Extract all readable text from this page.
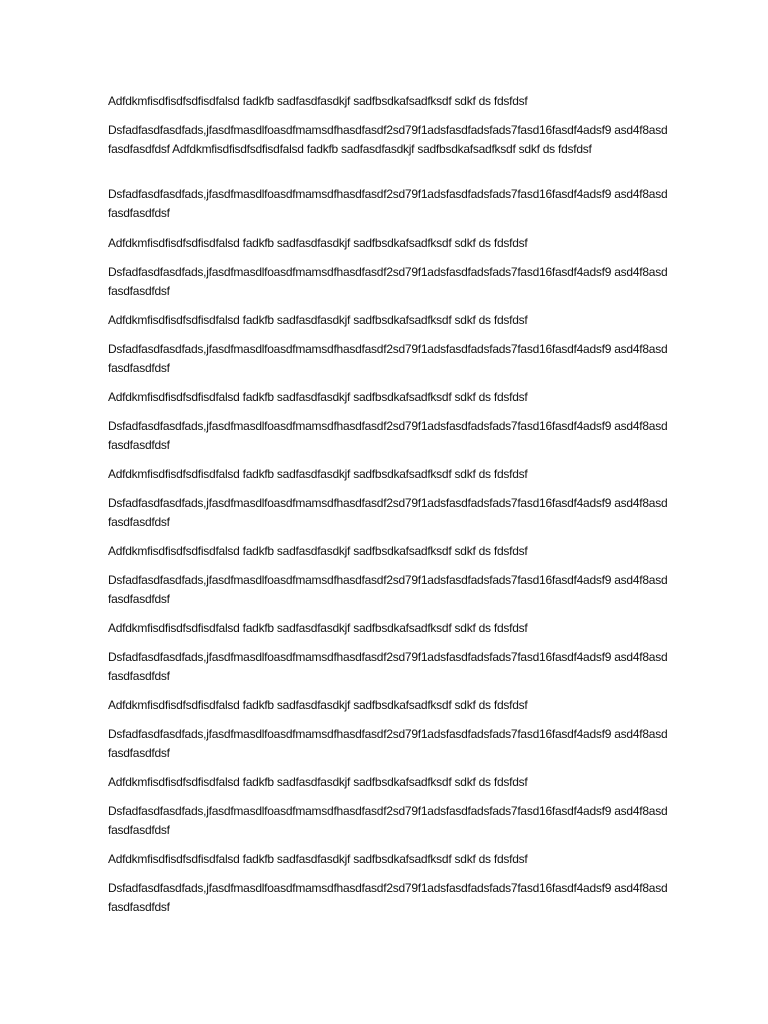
Adfdkmfisdfisdfsdfisdfalsd fadkfb sadfasdfasdkjf sadfbsdkafsadfksdf sdkf ds fdsfdsf

Dsfadfasdfasdfads,jfasdfmasdlfoasdfmamsdfhasdfasdf2sd79f1adsfasdfadsfads7fasd16fasdf4adsf9 asd4f8asdfasdfasdfdsf Adfdkmfisdfisdfsdfisdfalsd fadkfb sadfasdfasdkjf sadfbsdkafsadfksdf sdkf ds fdsfdsf

Dsfadfasdfasdfads,jfasdfmasdlfoasdfmamsdfhasdfasdf2sd79f1adsfasdfadsfads7fasd16fasdf4adsf9 asd4f8asdfasdfasdfdsf

Adfdkmfisdfisdfsdfisdfalsd fadkfb sadfasdfasdkjf sadfbsdkafsadfksdf sdkf ds fdsfdsf

Dsfadfasdfasdfads,jfasdfmasdlfoasdfmamsdfhasdfasdf2sd79f1adsfasdfadsfads7fasd16fasdf4adsf9 asd4f8asdfasdfasdfdsf

Adfdkmfisdfisdfsdfisdfalsd fadkfb sadfasdfasdkjf sadfbsdkafsadfksdf sdkf ds fdsfdsf

Dsfadfasdfasdfads,jfasdfmasdlfoasdfmamsdfhasdfasdf2sd79f1adsfasdfadsfads7fasd16fasdf4adsf9 asd4f8asdfasdfasdfdsf

Adfdkmfisdfisdfsdfisdfalsd fadkfb sadfasdfasdkjf sadfbsdkafsadfksdf sdkf ds fdsfdsf

Dsfadfasdfasdfads,jfasdfmasdlfoasdfmamsdfhasdfasdf2sd79f1adsfasdfadsfads7fasd16fasdf4adsf9 asd4f8asdfasdfasdfdsf

Adfdkmfisdfisdfsdfisdfalsd fadkfb sadfasdfasdkjf sadfbsdkafsadfksdf sdkf ds fdsfdsf

Dsfadfasdfasdfads,jfasdfmasdlfoasdfmamsdfhasdfasdf2sd79f1adsfasdfadsfads7fasd16fasdf4adsf9 asd4f8asdfasdfasdfdsf

Adfdkmfisdfisdfsdfisdfalsd fadkfb sadfasdfasdkjf sadfbsdkafsadfksdf sdkf ds fdsfdsf

Dsfadfasdfasdfads,jfasdfmasdlfoasdfmamsdfhasdfasdf2sd79f1adsfasdfadsfads7fasd16fasdf4adsf9 asd4f8asdfasdfasdfdsf

Adfdkmfisdfisdfsdfisdfalsd fadkfb sadfasdfasdkjf sadfbsdkafsadfksdf sdkf ds fdsfdsf

Dsfadfasdfasdfads,jfasdfmasdlfoasdfmamsdfhasdfasdf2sd79f1adsfasdfadsfads7fasd16fasdf4adsf9 asd4f8asdfasdfasdfdsf

Adfdkmfisdfisdfsdfisdfalsd fadkfb sadfasdfasdkjf sadfbsdkafsadfksdf sdkf ds fdsfdsf

Dsfadfasdfasdfads,jfasdfmasdlfoasdfmamsdfhasdfasdf2sd79f1adsfasdfadsfads7fasd16fasdf4adsf9 asd4f8asdfasdfasdfdsf

Adfdkmfisdfisdfsdfisdfalsd fadkfb sadfasdfasdkjf sadfbsdkafsadfksdf sdkf ds fdsfdsf

Dsfadfasdfasdfads,jfasdfmasdlfoasdfmamsdfhasdfasdf2sd79f1adsfasdfadsfads7fasd16fasdf4adsf9 asd4f8asdfasdfasdfdsf

Adfdkmfisdfisdfsdfisdfalsd fadkfb sadfasdfasdkjf sadfbsdkafsadfksdf sdkf ds fdsfdsf

Dsfadfasdfasdfads,jfasdfmasdlfoasdfmamsdfhasdfasdf2sd79f1adsfasdfadsfads7fasd16fasdf4adsf9 asd4f8asdfasdfasdfdsf
